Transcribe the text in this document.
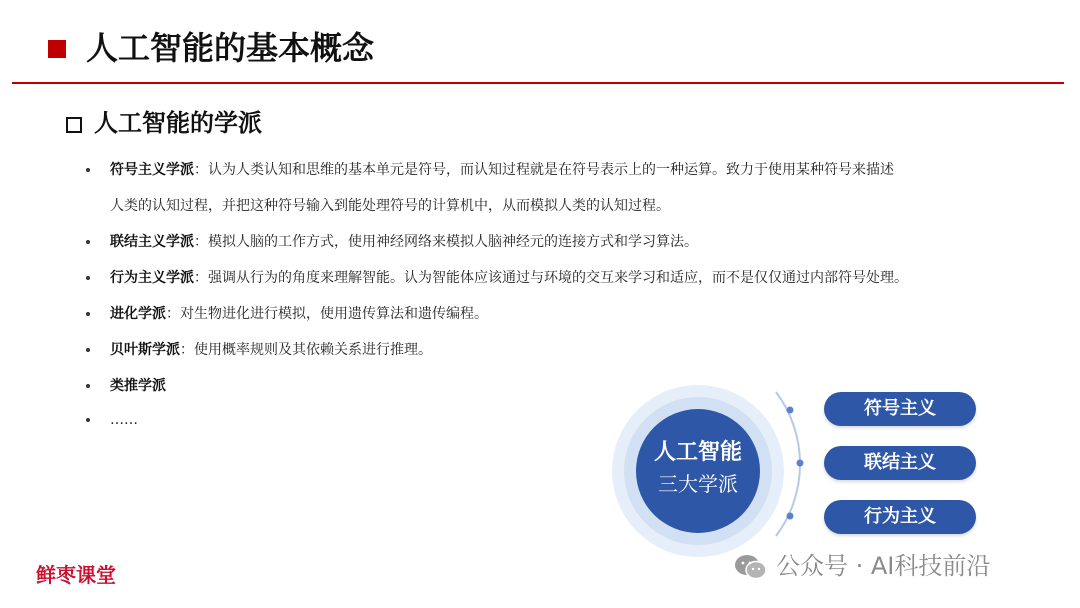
人工智能的基本概念
人工智能的学派
符号主义学派：认为人类认知和思维的基本单元是符号，而认知过程就是在符号表示上的一种运算。致力于使用某种符号来描述
人类的认知过程，并把这种符号输入到能处理符号的计算机中，从而模拟人类的认知过程。
联结主义学派：模拟人脑的工作方式，使用神经网络来模拟人脑神经元的连接方式和学习算法。
行为主义学派：强调从行为的角度来理解智能。认为智能体应该通过与环境的交互来学习和适应，而不是仅仅通过内部符号处理。
进化学派：对生物进化进行模拟，使用遗传算法和遗传编程。
贝叶斯学派：使用概率规则及其依赖关系进行推理。
类推学派
……
人工智能
三大学派
符号主义
联结主义
行为主义
鲜枣课堂	公众号 · AI科技前沿
